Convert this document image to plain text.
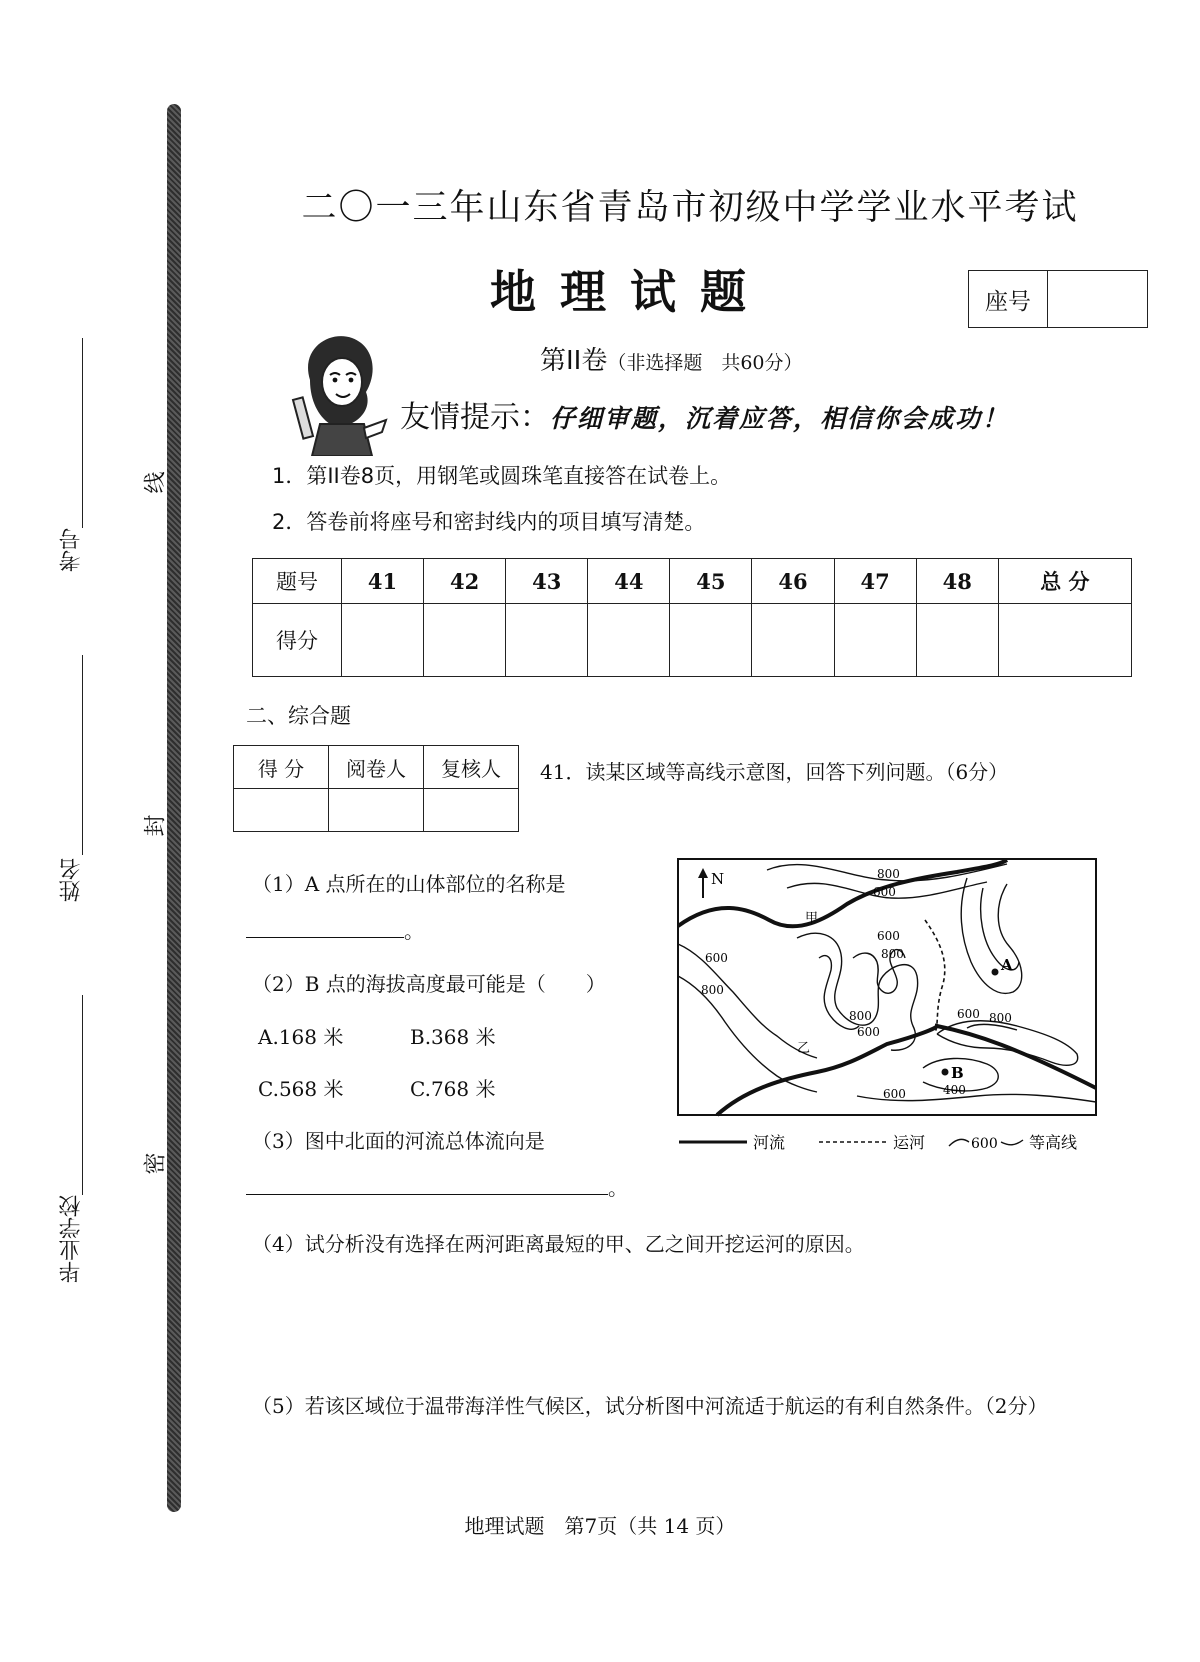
考号
姓名
毕业学校
线
封
密
二〇一三年山东省青岛市初级中学学业水平考试
地理试题	座号
第II卷（非选择题　共60分）
友情提示：仔细审题，沉着应答，相信你会成功！
1．第II卷8页，用钢笔或圆珠笔直接答在试卷上。
2．答卷前将座号和密封线内的项目填写清楚。
题号	41	42	43	44	45	46	47	48	总 分
得分									
二、综合题
得 分	阅卷人	复核人
		41．读某区域等高线示意图，回答下列问题。（6分）
（1）A 点所在的山体部位的名称是
。
（2）B 点的海拔高度最可能是（　　）
A.168 米	B.368 米
C.568 米	C.768 米
（3）图中北面的河流总体流向是
。
（4）试分析没有选择在两河距离最短的甲、乙之间开挖运河的原因。
（5）若该区域位于温带海洋性气候区，试分析图中河流适于航运的有利自然条件。（2分）
N
A
B
甲
乙
800
600
600
800
600
800
800
600
600 800
600	400
河流	运河	600 等高线
地理试题　第7页（共 14 页）
